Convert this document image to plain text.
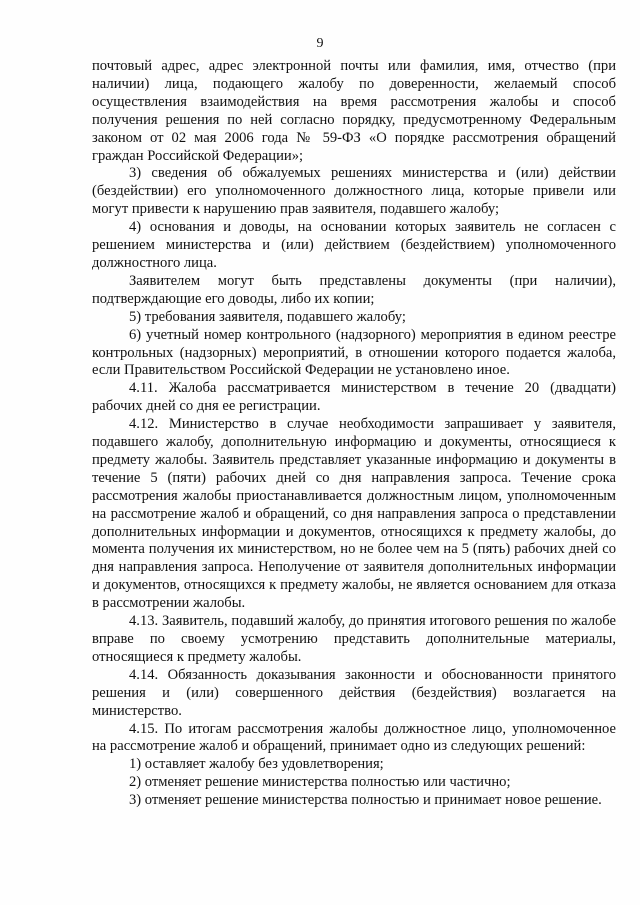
9

почтовый адрес, адрес электронной почты или фамилия, имя, отчество (при наличии) лица, подающего жалобу по доверенности, желаемый способ осуществления взаимодействия на время рассмотрения жалобы и способ получения решения по ней согласно порядку, предусмотренному Федеральным законом от 02 мая 2006 года № 59-ФЗ «О порядке рассмотрения обращений граждан Российской Федерации»;

3) сведения об обжалуемых решениях министерства и (или) действии (бездействии) его уполномоченного должностного лица, которые привели или могут привести к нарушению прав заявителя, подавшего жалобу;

4) основания и доводы, на основании которых заявитель не согласен с решением министерства и (или) действием (бездействием) уполномоченного должностного лица.

Заявителем могут быть представлены документы (при наличии), подтверждающие его доводы, либо их копии;

5) требования заявителя, подавшего жалобу;

6) учетный номер контрольного (надзорного) мероприятия в едином реестре контрольных (надзорных) мероприятий, в отношении которого подается жалоба, если Правительством Российской Федерации не установлено иное.

4.11. Жалоба рассматривается министерством в течение 20 (двадцати) рабочих дней со дня ее регистрации.

4.12. Министерство в случае необходимости запрашивает у заявителя, подавшего жалобу, дополнительную информацию и документы, относящиеся к предмету жалобы. Заявитель представляет указанные информацию и документы в течение 5 (пяти) рабочих дней со дня направления запроса. Течение срока рассмотрения жалобы приостанавливается должностным лицом, уполномоченным на рассмотрение жалоб и обращений, со дня направления запроса о представлении дополнительных информации и документов, относящихся к предмету жалобы, до момента получения их министерством, но не более чем на 5 (пять) рабочих дней со дня направления запроса. Неполучение от заявителя дополнительных информации и документов, относящихся к предмету жалобы, не является основанием для отказа в рассмотрении жалобы.

4.13. Заявитель, подавший жалобу, до принятия итогового решения по жалобе вправе по своему усмотрению представить дополнительные материалы, относящиеся к предмету жалобы.

4.14. Обязанность доказывания законности и обоснованности принятого решения и (или) совершенного действия (бездействия) возлагается на министерство.

4.15. По итогам рассмотрения жалобы должностное лицо, уполномоченное на рассмотрение жалоб и обращений, принимает одно из следующих решений:

1) оставляет жалобу без удовлетворения;

2) отменяет решение министерства полностью или частично;

3) отменяет решение министерства полностью и принимает новое решение.
